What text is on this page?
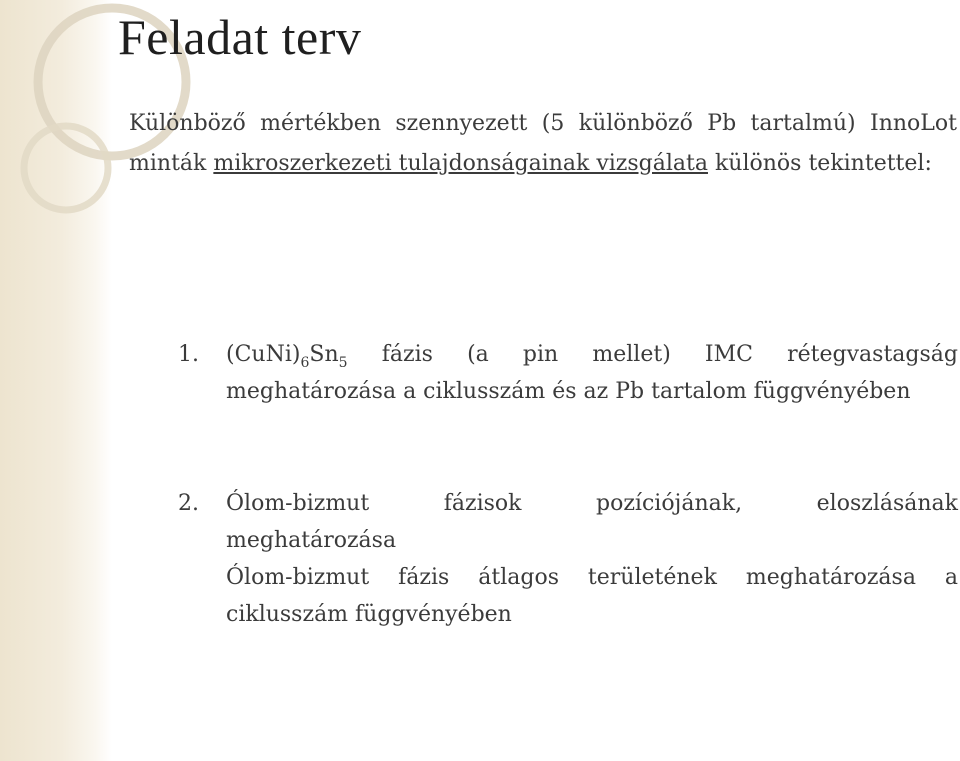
Feladat terv

Különböző mértékben szennyezett (5 különböző Pb tartalmú) InnoLot minták mikroszerkezeti tulajdonságainak vizsgálata különös tekintettel:

1. $(CuNi)_6Sn_5$ fázis (a pin mellet) IMC rétegvastagság
meghatározása a ciklusszám és az Pb tartalom függvényében
2. Ólom-bizmut fázisok pozíciójának, eloszlásának
meghatározása
Ólom-bizmut fázis átlagos területének meghatározása a
ciklusszám függvényében
